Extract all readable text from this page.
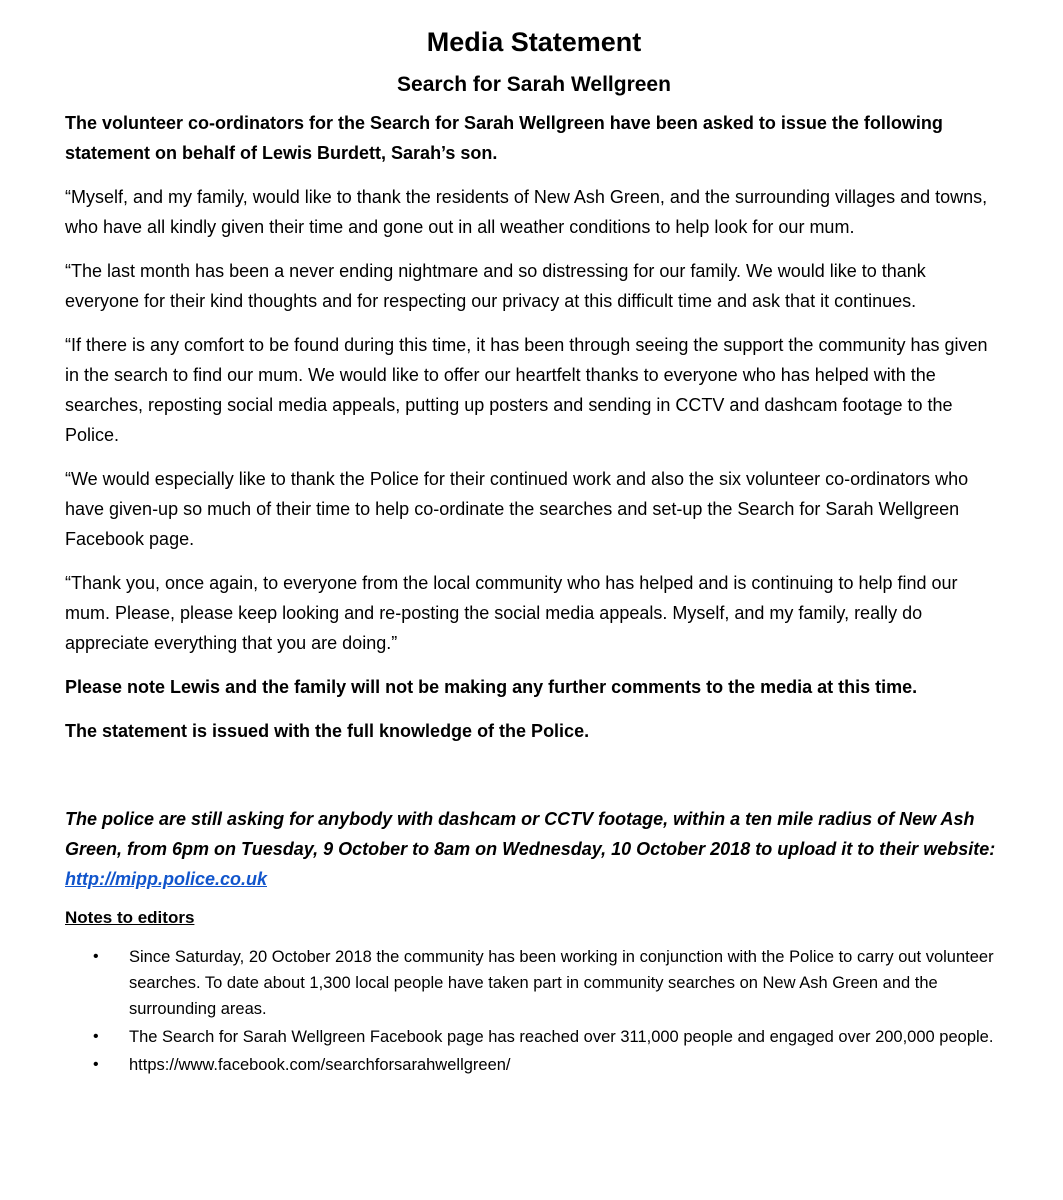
Media Statement
Search for Sarah Wellgreen

The volunteer co-ordinators for the Search for Sarah Wellgreen have been asked to issue the following statement on behalf of Lewis Burdett, Sarah’s son.

“Myself, and my family, would like to thank the residents of New Ash Green, and the surrounding villages and towns, who have all kindly given their time and gone out in all weather conditions to help look for our mum.

“The last month has been a never ending nightmare and so distressing for our family. We would like to thank everyone for their kind thoughts and for respecting our privacy at this difficult time and ask that it continues.

“If there is any comfort to be found during this time, it has been through seeing the support the community has given in the search to find our mum. We would like to offer our heartfelt thanks to everyone who has helped with the searches, reposting social media appeals, putting up posters and sending in CCTV and dashcam footage to the Police.

“We would especially like to thank the Police for their continued work and also the six volunteer co-ordinators who have given-up so much of their time to help co-ordinate the searches and set-up the Search for Sarah Wellgreen Facebook page.

“Thank you, once again, to everyone from the local community who has helped and is continuing to help find our mum. Please, please keep looking and re-posting the social media appeals. Myself, and my family, really do appreciate everything that you are doing.”

Please note Lewis and the family will not be making any further comments to the media at this time.

The statement is issued with the full knowledge of the Police.

The police are still asking for anybody with dashcam or CCTV footage, within a ten mile radius of New Ash Green, from 6pm on Tuesday, 9 October to 8am on Wednesday, 10 October 2018 to upload it to their website: http://mipp.police.co.uk

Notes to editors
• Since Saturday, 20 October 2018 the community has been working in conjunction with the Police to carry out volunteer searches. To date about 1,300 local people have taken part in community searches on New Ash Green and the surrounding areas.
• The Search for Sarah Wellgreen Facebook page has reached over 311,000 people and engaged over 200,000 people.
• https://www.facebook.com/searchforsarahwellgreen/
